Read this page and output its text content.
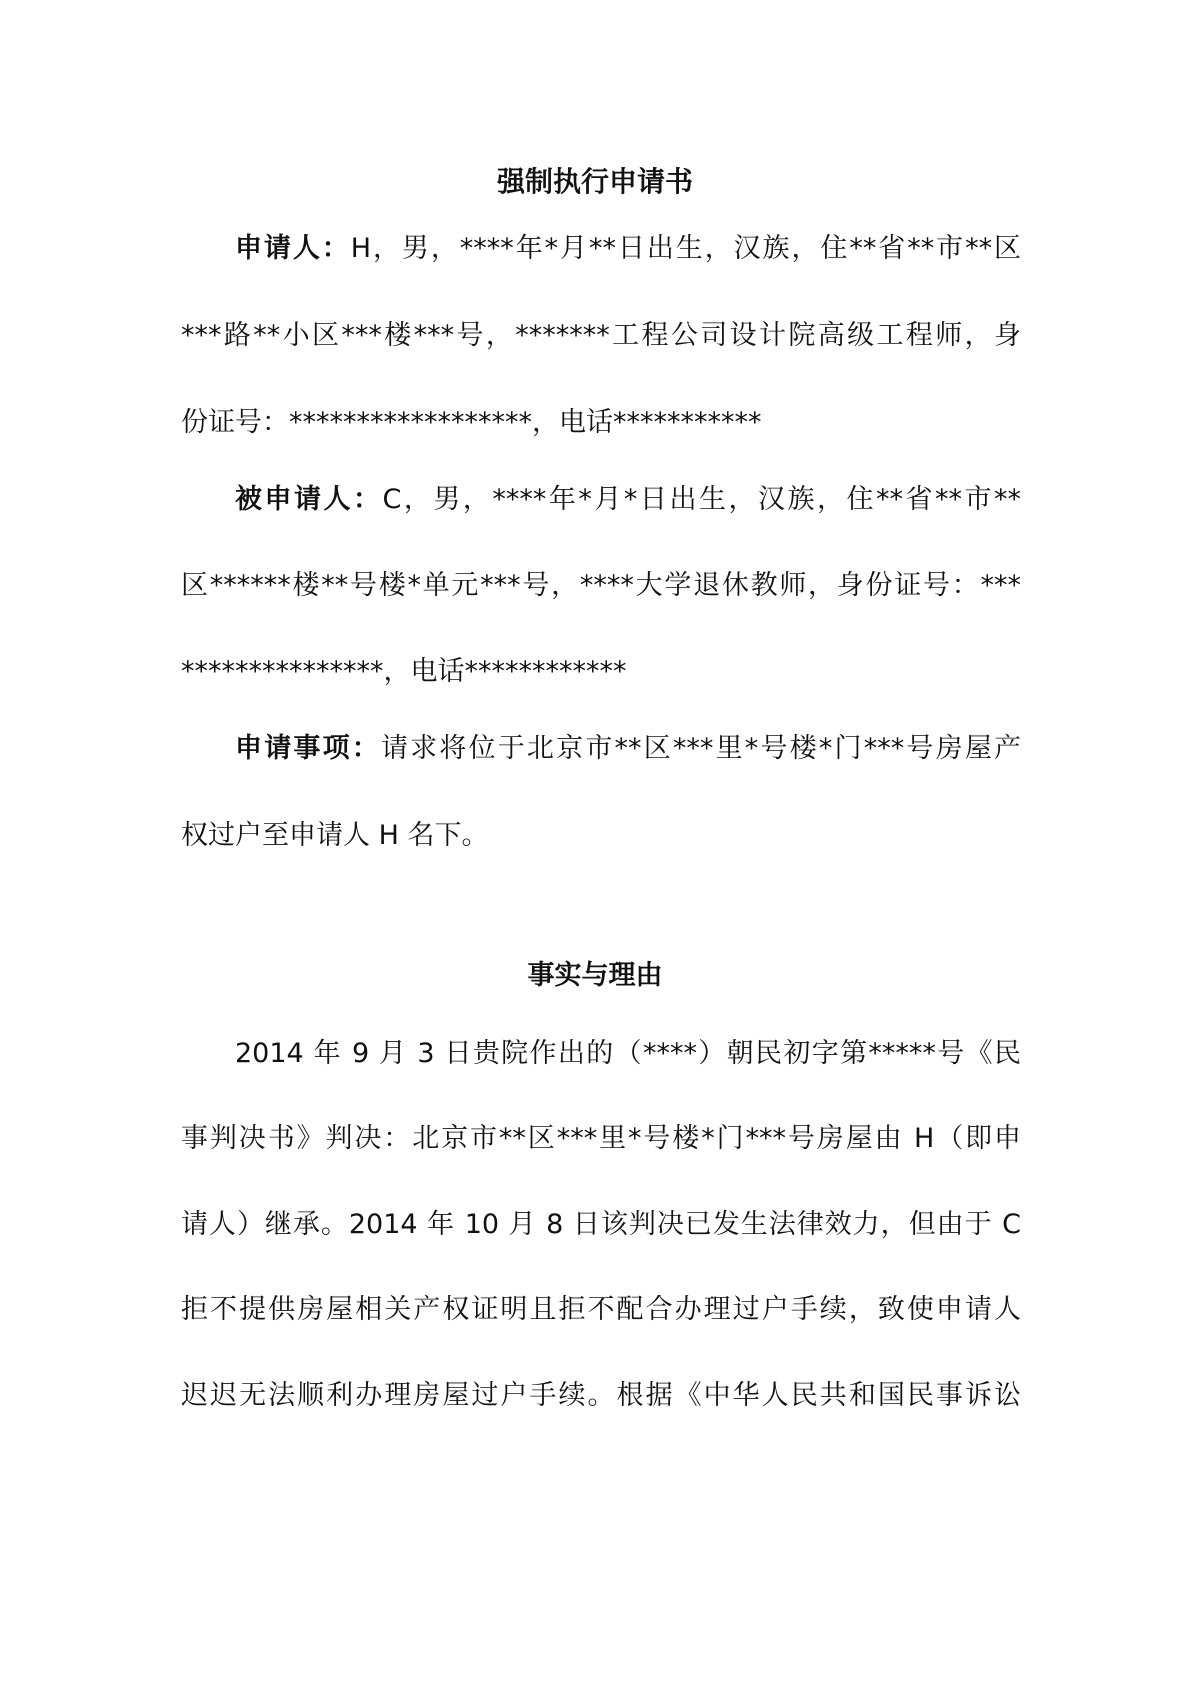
强制执行申请书

申请人：H，男，****年*月**日出生，汉族，住**省**市**区

***路**小区***楼***号，*******工程公司设计院高级工程师，身

份证号：******************，电话***********

被申请人：C，男，****年*月*日出生，汉族，住**省**市**

区******楼**号楼*单元***号，****大学退休教师，身份证号：***

***************，电话************

申请事项：请求将位于北京市**区***里*号楼*门***号房屋产

权过户至申请人 H 名下。

事实与理由

2014 年 9 月 3 日贵院作出的（****）朝民初字第*****号《民

事判决书》判决：北京市**区***里*号楼*门***号房屋由 H（即申

请人）继承。2014 年 10 月 8 日该判决已发生法律效力，但由于 C

拒不提供房屋相关产权证明且拒不配合办理过户手续，致使申请人

迟迟无法顺利办理房屋过户手续。根据《中华人民共和国民事诉讼
